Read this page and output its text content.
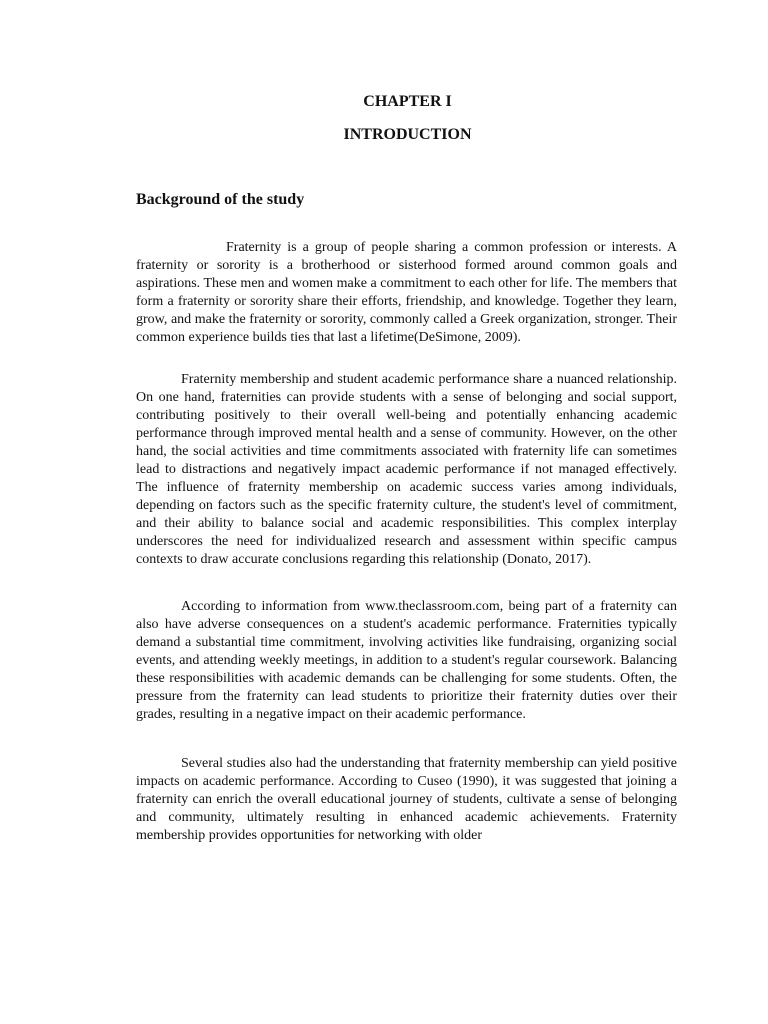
CHAPTER I
INTRODUCTION
Background of the study

Fraternity is a group of people sharing a common profession or interests. A fraternity or sorority is a brotherhood or sisterhood formed around common goals and aspirations. These men and women make a commitment to each other for life. The members that form a fraternity or sorority share their efforts, friendship, and knowledge. Together they learn, grow, and make the fraternity or sorority, commonly called a Greek organization, stronger. Their common experience builds ties that last a lifetime(DeSimone, 2009).

Fraternity membership and student academic performance share a nuanced relationship. On one hand, fraternities can provide students with a sense of belonging and social support, contributing positively to their overall well-being and potentially enhancing academic performance through improved mental health and a sense of community. However, on the other hand, the social activities and time commitments associated with fraternity life can sometimes lead to distractions and negatively impact academic performance if not managed effectively. The influence of fraternity membership on academic success varies among individuals, depending on factors such as the specific fraternity culture, the student's level of commitment, and their ability to balance social and academic responsibilities. This complex interplay underscores the need for individualized research and assessment within specific campus contexts to draw accurate conclusions regarding this relationship (Donato, 2017).

According to information from www.theclassroom.com, being part of a fraternity can also have adverse consequences on a student's academic performance. Fraternities typically demand a substantial time commitment, involving activities like fundraising, organizing social events, and attending weekly meetings, in addition to a student's regular coursework. Balancing these responsibilities with academic demands can be challenging for some students. Often, the pressure from the fraternity can lead students to prioritize their fraternity duties over their grades, resulting in a negative impact on their academic performance.

Several studies also had the understanding that fraternity membership can yield positive impacts on academic performance. According to Cuseo (1990), it was suggested that joining a fraternity can enrich the overall educational journey of students, cultivate a sense of belonging and community, ultimately resulting in enhanced academic achievements. Fraternity membership provides opportunities for networking with older
